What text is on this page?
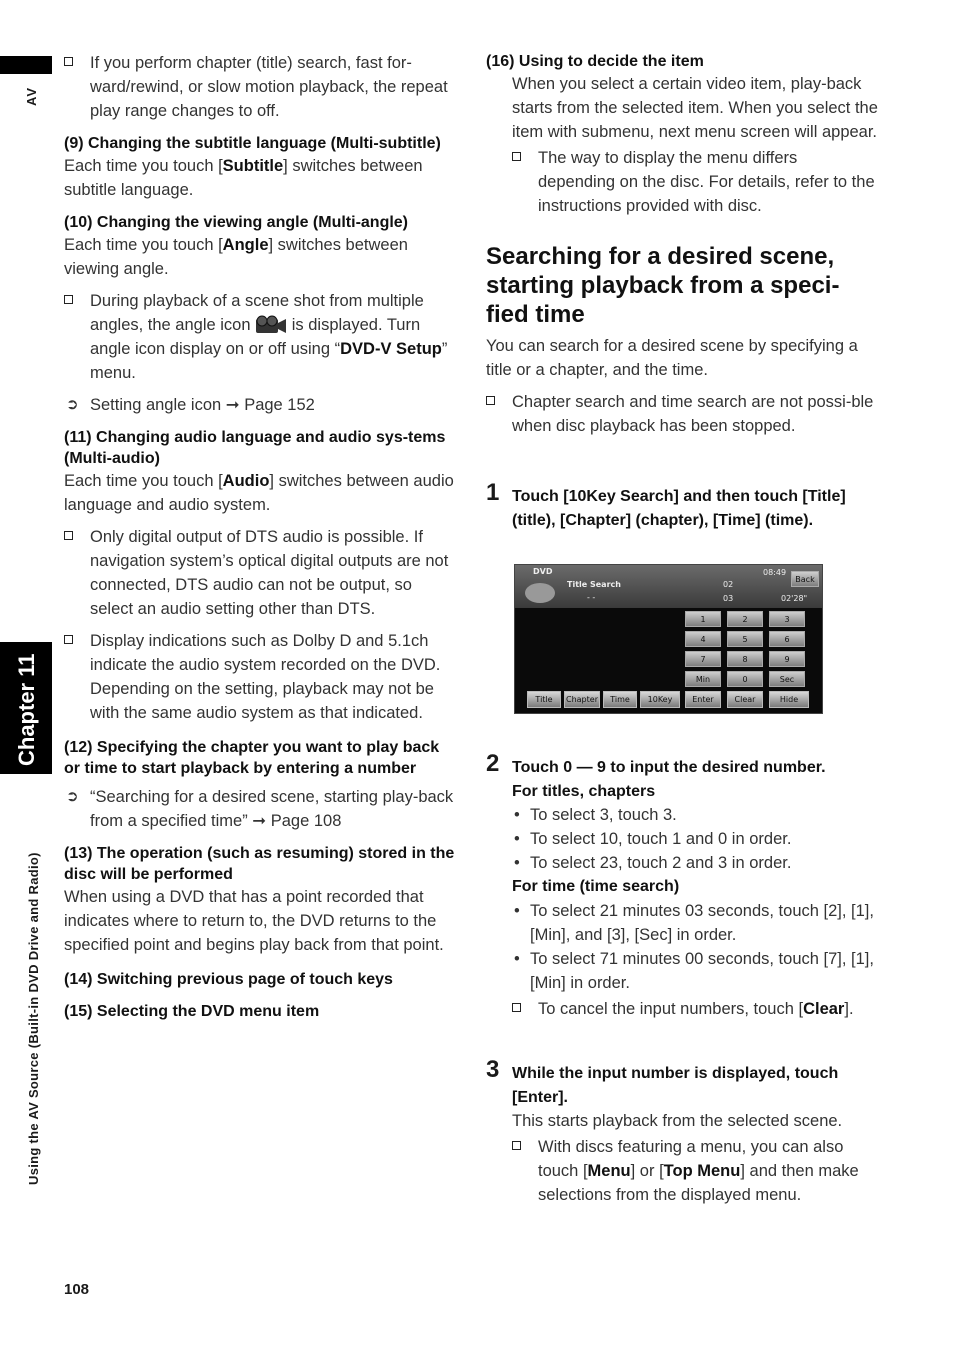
AV
Chapter 11
Using the AV Source (Built-in DVD Drive and Radio)
If you perform chapter (title) search, fast for-ward/rewind, or slow motion playback, the repeat play range changes to off.
(9) Changing the subtitle language (Multi-subtitle)
Each time you touch [Subtitle] switches between subtitle language.
(10) Changing the viewing angle (Multi-angle)
Each time you touch [Angle] switches between viewing angle.
During playback of a scene shot from multiple angles, the angle icon is displayed. Turn angle icon display on or off using “DVD-V Setup” menu.
➲ Setting angle icon ➞ Page 152
(11) Changing audio language and audio sys-tems (Multi-audio)
Each time you touch [Audio] switches between audio language and audio system.
Only digital output of DTS audio is possible. If navigation system’s optical digital outputs are not connected, DTS audio can not be output, so select an audio setting other than DTS.
Display indications such as Dolby D and 5.1ch indicate the audio system recorded on the DVD. Depending on the setting, playback may not be with the same audio system as that indicated.
(12) Specifying the chapter you want to play back or time to start playback by entering a number
➲ “Searching for a desired scene, starting play-back from a specified time” ➞ Page 108
(13) The operation (such as resuming) stored in the disc will be performed
When using a DVD that has a point recorded that indicates where to return to, the DVD returns to the specified point and begins play back from that point.
(14) Switching previous page of touch keys
(15) Selecting the DVD menu item
(16) Using to decide the item
When you select a certain video item, play-back starts from the selected item. When you select the item with submenu, next menu screen will appear.
The way to display the menu differs depending on the disc. For details, refer to the instructions provided with disc.
Searching for a desired scene, starting playback from a speci-fied time
You can search for a desired scene by specifying a title or a chapter, and the time.
Chapter search and time search are not possi-ble when disc playback has been stopped.
1 Touch [10Key Search] and then touch [Title] (title), [Chapter] (chapter), [Time] (time).
DVD	08:49
Back
Title Search
- -
02
03	02'28"
1	2	3
4	5	6
7	8	9
Min	0	Sec
Title	Chapter	Time	10Key	Enter	Clear	Hide
2 Touch 0 — 9 to input the desired number.
For titles, chapters
• To select 3, touch 3.
• To select 10, touch 1 and 0 in order.
• To select 23, touch 2 and 3 in order.
For time (time search)
• To select 21 minutes 03 seconds, touch [2], [1], [Min], and [3], [Sec] in order.
• To select 71 minutes 00 seconds, touch [7], [1], [Min] in order.
To cancel the input numbers, touch [Clear].
3 While the input number is displayed, touch [Enter].
This starts playback from the selected scene.
With discs featuring a menu, you can also touch [Menu] or [Top Menu] and then make selections from the displayed menu.
108
